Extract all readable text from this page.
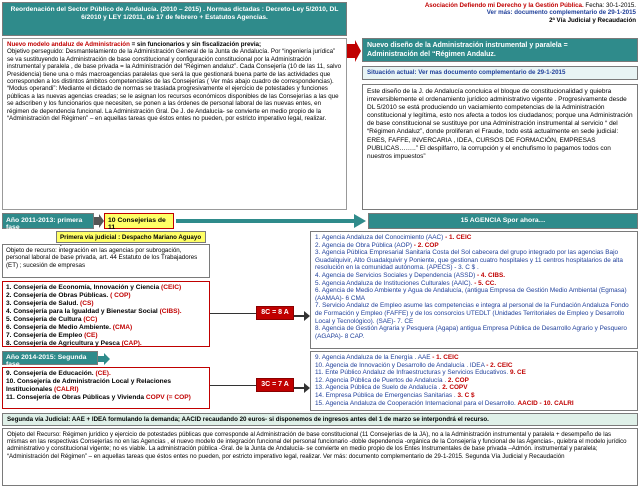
Reordenación del Sector Público de Andalucía. (2010 – 2015) . Normas dictadas : Decreto-Ley 5/2010, DL 6/2010 y LEY 1/2011, de 17 de febrero + Estatutos Agencias.
Asociación Defiendo mi Derecho y la Gestión Pública. Fecha: 30-1-2015.
Ver más: documento complementario de 29-1-2015
2ª Vía Judicial y Recaudación
Nuevo modelo andaluz de Administración = sin funcionarios y sin fiscalización previa;
Objetivo perseguido: Desmantelamiento de la Administración General de la Junta de Andalucía. Por “ingeniería jurídica” se va sustituyendo la Administración de base constitucional y configuración constitucional por la Administración instrumental y paralela , de base privada = la Administración del “Régimen andaluz”. Cada Consejería (10 de las 11, salvo Presidencia) tiene una o más macroagencias paralelas que será la que gestionará buena parte de las actividades que corresponden a los distintos ámbitos competenciales de las Consejerías ( Ver más abajo cuadro de correspondencias). “Modus operandi”: Mediante el dictado de normas se traslada progresivamente el ejercicio de potestades y funciones públicas a las nuevas agencias creadas; se le asignan los recursos económicos disponibles de las Consejerías a las que se adscriben y los funcionarios que necesiten, se ponen a las órdenes de personal laboral de las nuevas entes, en régimen de dependencia funcional. La Administración Gral. De J. de Andalucía- se convierte en medio propio de la “Administración del Régimen” – en aquellas tareas que éstos entes no pueden, por estricto imperativo legal, realizar.
Nuevo diseño de la Administración instrumental y paralela =
Administración del “Régimen Andaluz.
Situación actual: Ver mas documento complementario de 29-1-2015
Este diseño de la J. de Andalucía concluica el bloque de constitucionalidad y quiebra irreversiblemente el ordenamiento jurídico administrativo vigente . Progresivamente desde DL 5/2010 se está produciendo un vaciamiento competencias de la Administración constitucional y legítima, esto nos afecta a todos los ciudadanos; porque una Administración de base constitucional se sustituye por una Administración instrumental al servicio “ del “Régimen Andaluz”, donde proliferan el Fraude, todo está actualmente en sede judicial: ERES, FAFFE, INVERCARIA , IDEA, CURSOS DE FORMACIÓN, EMPRESAS PUBLICAS……..” El despilfarro, la corrupción y el enchufismo lo pagamos todos con nuestros impuestos”
Año 2011-2013: primera fase
10 Consejerias de 11
15 AGENCIA Spor ahora…
Primera vía judicial : Despacho Mariano Aguayo .
Objeto de recurso: integración en las agencias por subrogación, personal laboral de base privada, art. 44 Estatuto de los Trabajadores (ET) ; sucesión de empresas
1. Consejería de Economía, Innovación y Ciencia (CEIC)
2. Consejería de Obras Públicas. ( COP)
3. Consejería de Salud. (CS)
4. Consejería para la Igualdad y Bienestar Social (CIBS).
5. Consejería de Cultura (CC)
6. Consejería de Medio Ambiente. (CMA)
7. Consejería de Empleo (CE)
8. Consejería de Agricultura y Pesca (CAP).
8C = 8 A
1. Agencia Andaluza del Conocimiento (AAC) - 1. CEIC
2. Agencia de Obra Pública (AOP) - 2. COP
3. Agencia Pública Empresarial Sanitaria Costa del Sol cabecera del grupo integrado por las agencias Bajo Guadalquivir, Alto Guadalquivir y Poniente, que gestionan cuatro hospitales y 11 centros hospitalarios de alta resolución en la comunidad autónoma. (APECS) - 3. C $ .
4. Agencia de Servicios Sociales y Dependencia (ASSD) - 4. CIBS.
5. Agencia Andaluza de Instituciones Culturales (AAIC). - 5. CC.
6. Agencia de Medio Ambiente y Agua de Andalucía, (antigua Empresa de Gestión Medio Ambiental (Egmasa) (AAMAA)- 6 CMA
7. Servicio Andaluz de Empleo asume las competencias e integra al personal de la Fundación Andaluza Fondo de Formación y Empleo (FAFFE) y de los consorcios UTEDLT (Unidades Territoriales de Empleo y Desarrollo Local y Tecnológico). (SAE)- 7. CE
8. Agencia de Gestión Agraria y Pesquera (Agapa) antigua Empresa Pública de Desarrollo Agrario y Pesquero (AGAPA)- 8 CAP.
Año 2014-2015: Segunda fase
9. Consejería de Educación. (CE).
10. Consejería de Administración Local y Relaciones Institucionales (CALRI)
11. Consejería de Obras Públicas y Vivienda COPV (= COP)
3C = 7 A
9. Agencia Andaluza de la Energía . AAE - 1. CEIC
10. Agencia de Innovación y Desarrollo de Andalucía . IDEA - 2. CEIC
11. Ente Público Andaluz de Infraestructuras y Servicios Educativos. 9. CE
12. Agencia Pública de Puertos de Andalucía . 2. COP
13. Agencia Pública de Suelo de Andalucía . 2. COPV
14. Empresa Pública de Emergencias Sanitarias . 3. C $
15. Agencia Andaluza de Cooperación Internacional para el Desarrollo. AACID - 10. CALRI
Segunda vía Judicial: AAE + IDEA formulando la demanda; AACID recaudando 20 euros- si disponemos de ingresos antes del 1 de marzo se interpondrá el recurso.
Objeto del Recurso: Régimen jurídico y ejercicio de potestades públicas que corresponde al Administración de base constitucional (11 Consejerías de la JA), no a la Administración instrumental y paralela + desempeño de las mismas en las respectivas Consejerías no en las Agencias , el nuevo modelo de integración funcional del personal funcionario -doble dependencia -orgánica de la Consejería y funcional de las Agencias-, quiebra el modelo jurídico administrativo y constitucional vigente; no es viable. La administración pública -Gral. de la Junta de Andalucía- se convierte en medio propio de los Entes Instrumentales de base privada –Admón. instrumental y paralela; “Administración del Régimen” – en aquellas tareas que éstos entes no pueden, por estricto imperativo legal, realizar. Ver más: documento complementario de 29-1-2015. Segunda Vía Judicial y Recaudación
